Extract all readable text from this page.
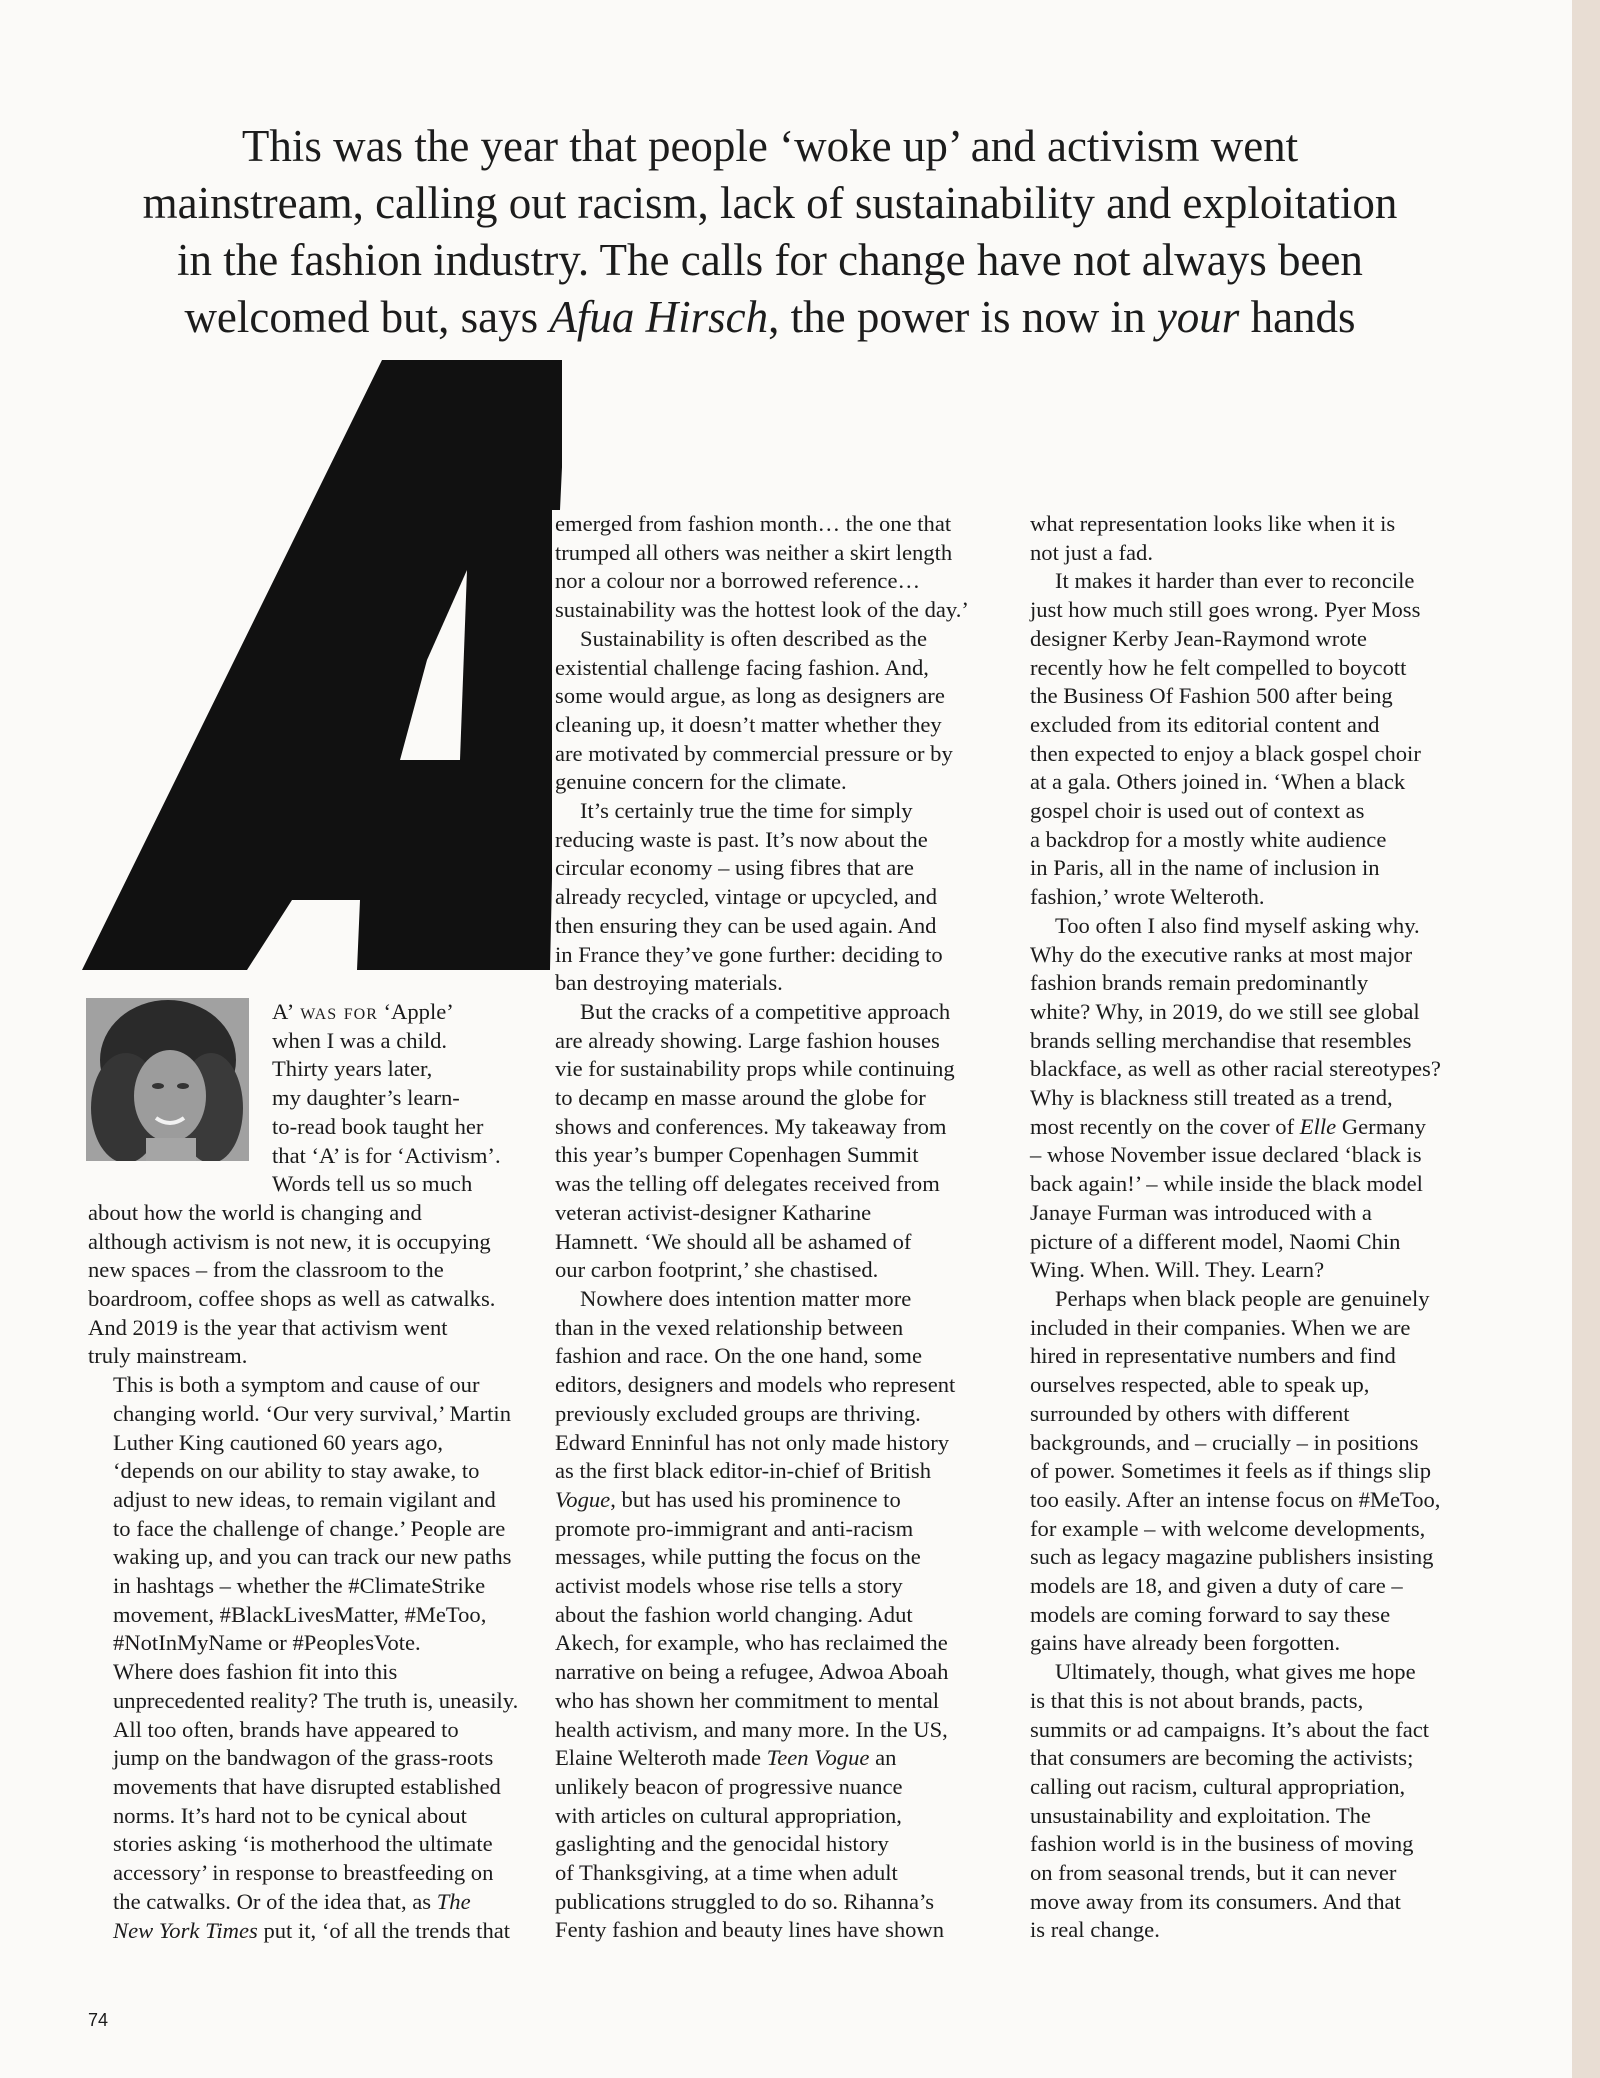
This was the year that people ‘woke up’ and activism went
mainstream, calling out racism, lack of sustainability and exploitation
in the fashion industry. The calls for change have not always been
welcomed but, says Afua Hirsch, the power is now in your hands

A’ was for ‘Apple’
when I was a child.
Thirty years later,
my daughter’s learn-
to-read book taught her
that ‘A’ is for ‘Activism’.
Words tell us so much

about how the world is changing and
although activism is not new, it is occupying
new spaces – from the classroom to the
boardroom, coffee shops as well as catwalks.
And 2019 is the year that activism went
truly mainstream.

This is both a symptom and cause of our
changing world. ‘Our very survival,’ Martin
Luther King cautioned 60 years ago,
‘depends on our ability to stay awake, to
adjust to new ideas, to remain vigilant and
to face the challenge of change.’ People are
waking up, and you can track our new paths
in hashtags – whether the #ClimateStrike
movement, #BlackLivesMatter, #MeToo,
#NotInMyName or #PeoplesVote.

Where does fashion fit into this
unprecedented reality? The truth is, uneasily.
All too often, brands have appeared to
jump on the bandwagon of the grass-roots
movements that have disrupted established
norms. It’s hard not to be cynical about
stories asking ‘is motherhood the ultimate
accessory’ in response to breastfeeding on
the catwalks. Or of the idea that, as The
New York Times put it, ‘of all the trends that

emerged from fashion month… the one that
trumped all others was neither a skirt length
nor a colour nor a borrowed reference…
sustainability was the hottest look of the day.’

Sustainability is often described as the
existential challenge facing fashion. And,
some would argue, as long as designers are
cleaning up, it doesn’t matter whether they
are motivated by commercial pressure or by
genuine concern for the climate.

It’s certainly true the time for simply
reducing waste is past. It’s now about the
circular economy – using fibres that are
already recycled, vintage or upcycled, and
then ensuring they can be used again. And
in France they’ve gone further: deciding to
ban destroying materials.

But the cracks of a competitive approach
are already showing. Large fashion houses
vie for sustainability props while continuing
to decamp en masse around the globe for
shows and conferences. My takeaway from
this year’s bumper Copenhagen Summit
was the telling off delegates received from
veteran activist-designer Katharine
Hamnett. ‘We should all be ashamed of
our carbon footprint,’ she chastised.

Nowhere does intention matter more
than in the vexed relationship between
fashion and race. On the one hand, some
editors, designers and models who represent
previously excluded groups are thriving.
Edward Enninful has not only made history
as the first black editor-in-chief of British
Vogue, but has used his prominence to
promote pro-immigrant and anti-racism
messages, while putting the focus on the
activist models whose rise tells a story
about the fashion world changing. Adut
Akech, for example, who has reclaimed the
narrative on being a refugee, Adwoa Aboah
who has shown her commitment to mental
health activism, and many more. In the US,
Elaine Welteroth made Teen Vogue an
unlikely beacon of progressive nuance
with articles on cultural appropriation,
gaslighting and the genocidal history
of Thanksgiving, at a time when adult
publications struggled to do so. Rihanna’s
Fenty fashion and beauty lines have shown

what representation looks like when it is
not just a fad.

It makes it harder than ever to reconcile
just how much still goes wrong. Pyer Moss
designer Kerby Jean-Raymond wrote
recently how he felt compelled to boycott
the Business Of Fashion 500 after being
excluded from its editorial content and
then expected to enjoy a black gospel choir
at a gala. Others joined in. ‘When a black
gospel choir is used out of context as
a backdrop for a mostly white audience
in Paris, all in the name of inclusion in
fashion,’ wrote Welteroth.

Too often I also find myself asking why.
Why do the executive ranks at most major
fashion brands remain predominantly
white? Why, in 2019, do we still see global
brands selling merchandise that resembles
blackface, as well as other racial stereotypes?
Why is blackness still treated as a trend,
most recently on the cover of Elle Germany
– whose November issue declared ‘black is
back again!’ – while inside the black model
Janaye Furman was introduced with a
picture of a different model, Naomi Chin
Wing. When. Will. They. Learn?

Perhaps when black people are genuinely
included in their companies. When we are
hired in representative numbers and find
ourselves respected, able to speak up,
surrounded by others with different
backgrounds, and – crucially – in positions
of power. Sometimes it feels as if things slip
too easily. After an intense focus on #MeToo,
for example – with welcome developments,
such as legacy magazine publishers insisting
models are 18, and given a duty of care –
models are coming forward to say these
gains have already been forgotten.

Ultimately, though, what gives me hope
is that this is not about brands, pacts,
summits or ad campaigns. It’s about the fact
that consumers are becoming the activists;
calling out racism, cultural appropriation,
unsustainability and exploitation. The
fashion world is in the business of moving
on from seasonal trends, but it can never
move away from its consumers. And that
is real change.

74
